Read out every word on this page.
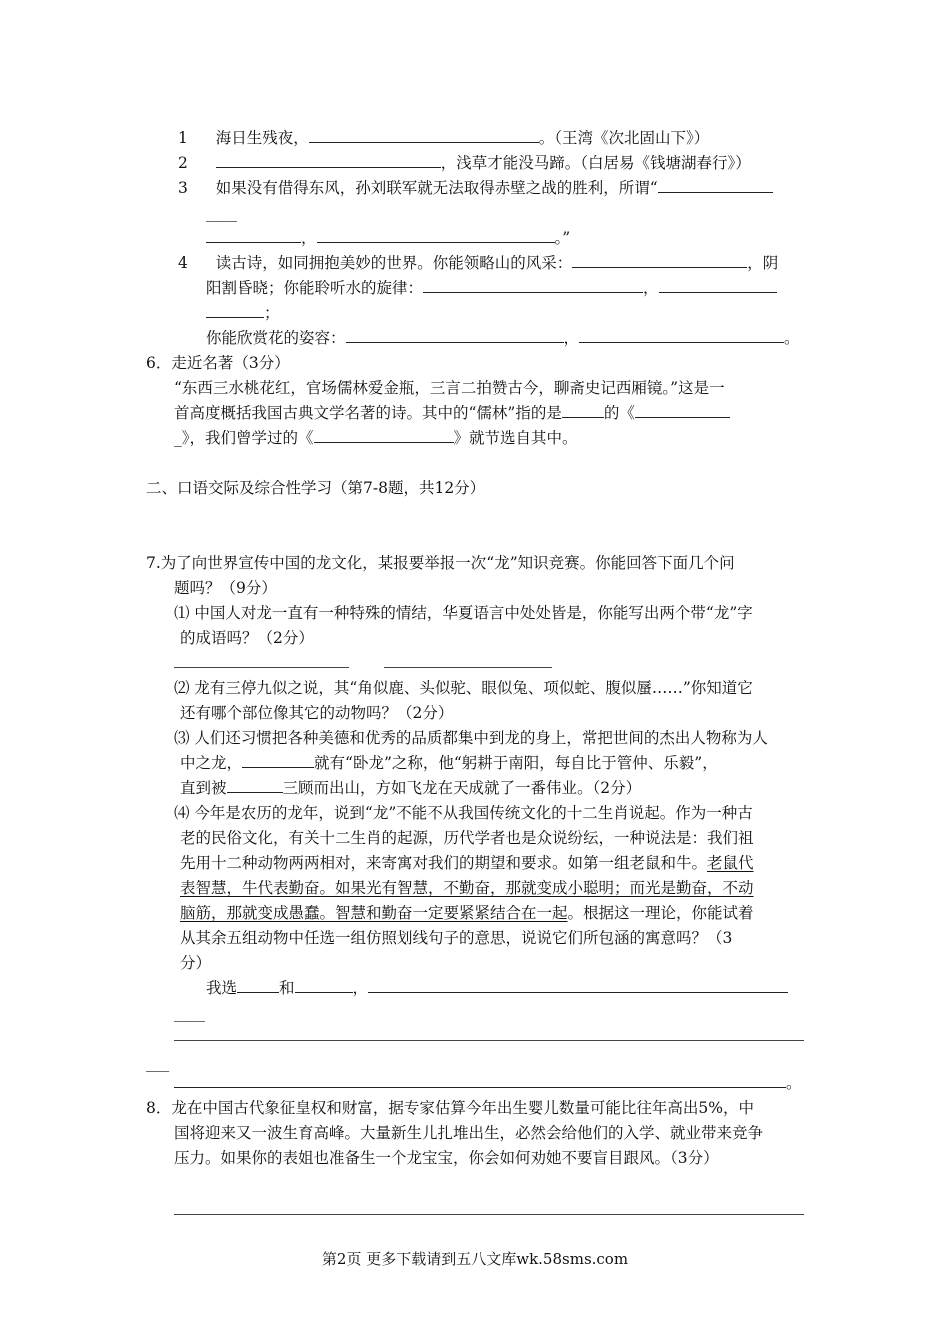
1 海日生残夜，	。（王湾《次北固山下》）
2	，浅草才能没马蹄。（白居易《钱塘湖春行》）
3 如果没有借得东风，孙刘联军就无法取得赤壁之战的胜利，所谓“
____
，	。”
4 读古诗，如同拥抱美妙的世界。你能领略山的风采：	，阴
阳割昏晓；你能聆听水的旋律：	，
；
你能欣赏花的姿容：	，	。
6．走近名著（3分）
“东西三水桃花红，官场儒林爱金瓶，三言二拍赞古今，聊斋史记西厢镜。”这是一
首高度概括我国古典文学名著的诗。其中的“儒林”指的是	的《
_》，我们曾学过的《	》就节选自其中。
二、口语交际及综合性学习（第7-8题，共12分）
7.为了向世界宣传中国的龙文化，某报要举报一次“龙”知识竞赛。你能回答下面几个问
题吗？（9分）
⑴ 中国人对龙一直有一种特殊的情结，华夏语言中处处皆是，你能写出两个带“龙”字
的成语吗？（2分）
⑵ 龙有三停九似之说，其“角似鹿、头似驼、眼似兔、项似蛇、腹似蜃……”你知道它
还有哪个部位像其它的动物吗？（2分）
⑶ 人们还习惯把各种美德和优秀的品质都集中到龙的身上，常把世间的杰出人物称为人
中之龙，	就有“卧龙”之称，他“躬耕于南阳，每自比于管仲、乐毅”，
直到被	三顾而出山，方如飞龙在天成就了一番伟业。（2分）
⑷ 今年是农历的龙年，说到“龙”不能不从我国传统文化的十二生肖说起。作为一种古
老的民俗文化，有关十二生肖的起源，历代学者也是众说纷纭，一种说法是：我们祖
先用十二种动物两两相对，来寄寓对我们的期望和要求。如第一组老鼠和牛。老鼠代
表智慧，牛代表勤奋。如果光有智慧，不勤奋，那就变成小聪明；而光是勤奋，不动
脑筋，那就变成愚蠢。智慧和勤奋一定要紧紧结合在一起。根据这一理论，你能试着
从其余五组动物中任选一组仿照划线句子的意思，说说它们所包涵的寓意吗？（3
分）
我选	和	，
____
___
。
8．龙在中国古代象征皇权和财富，据专家估算今年出生婴儿数量可能比往年高出5%，中
国将迎来又一波生育高峰。大量新生儿扎堆出生，必然会给他们的入学、就业带来竞争
压力。如果你的表姐也准备生一个龙宝宝，你会如何劝她不要盲目跟风。（3分）
第2页 更多下载请到五八文库wk.58sms.com
